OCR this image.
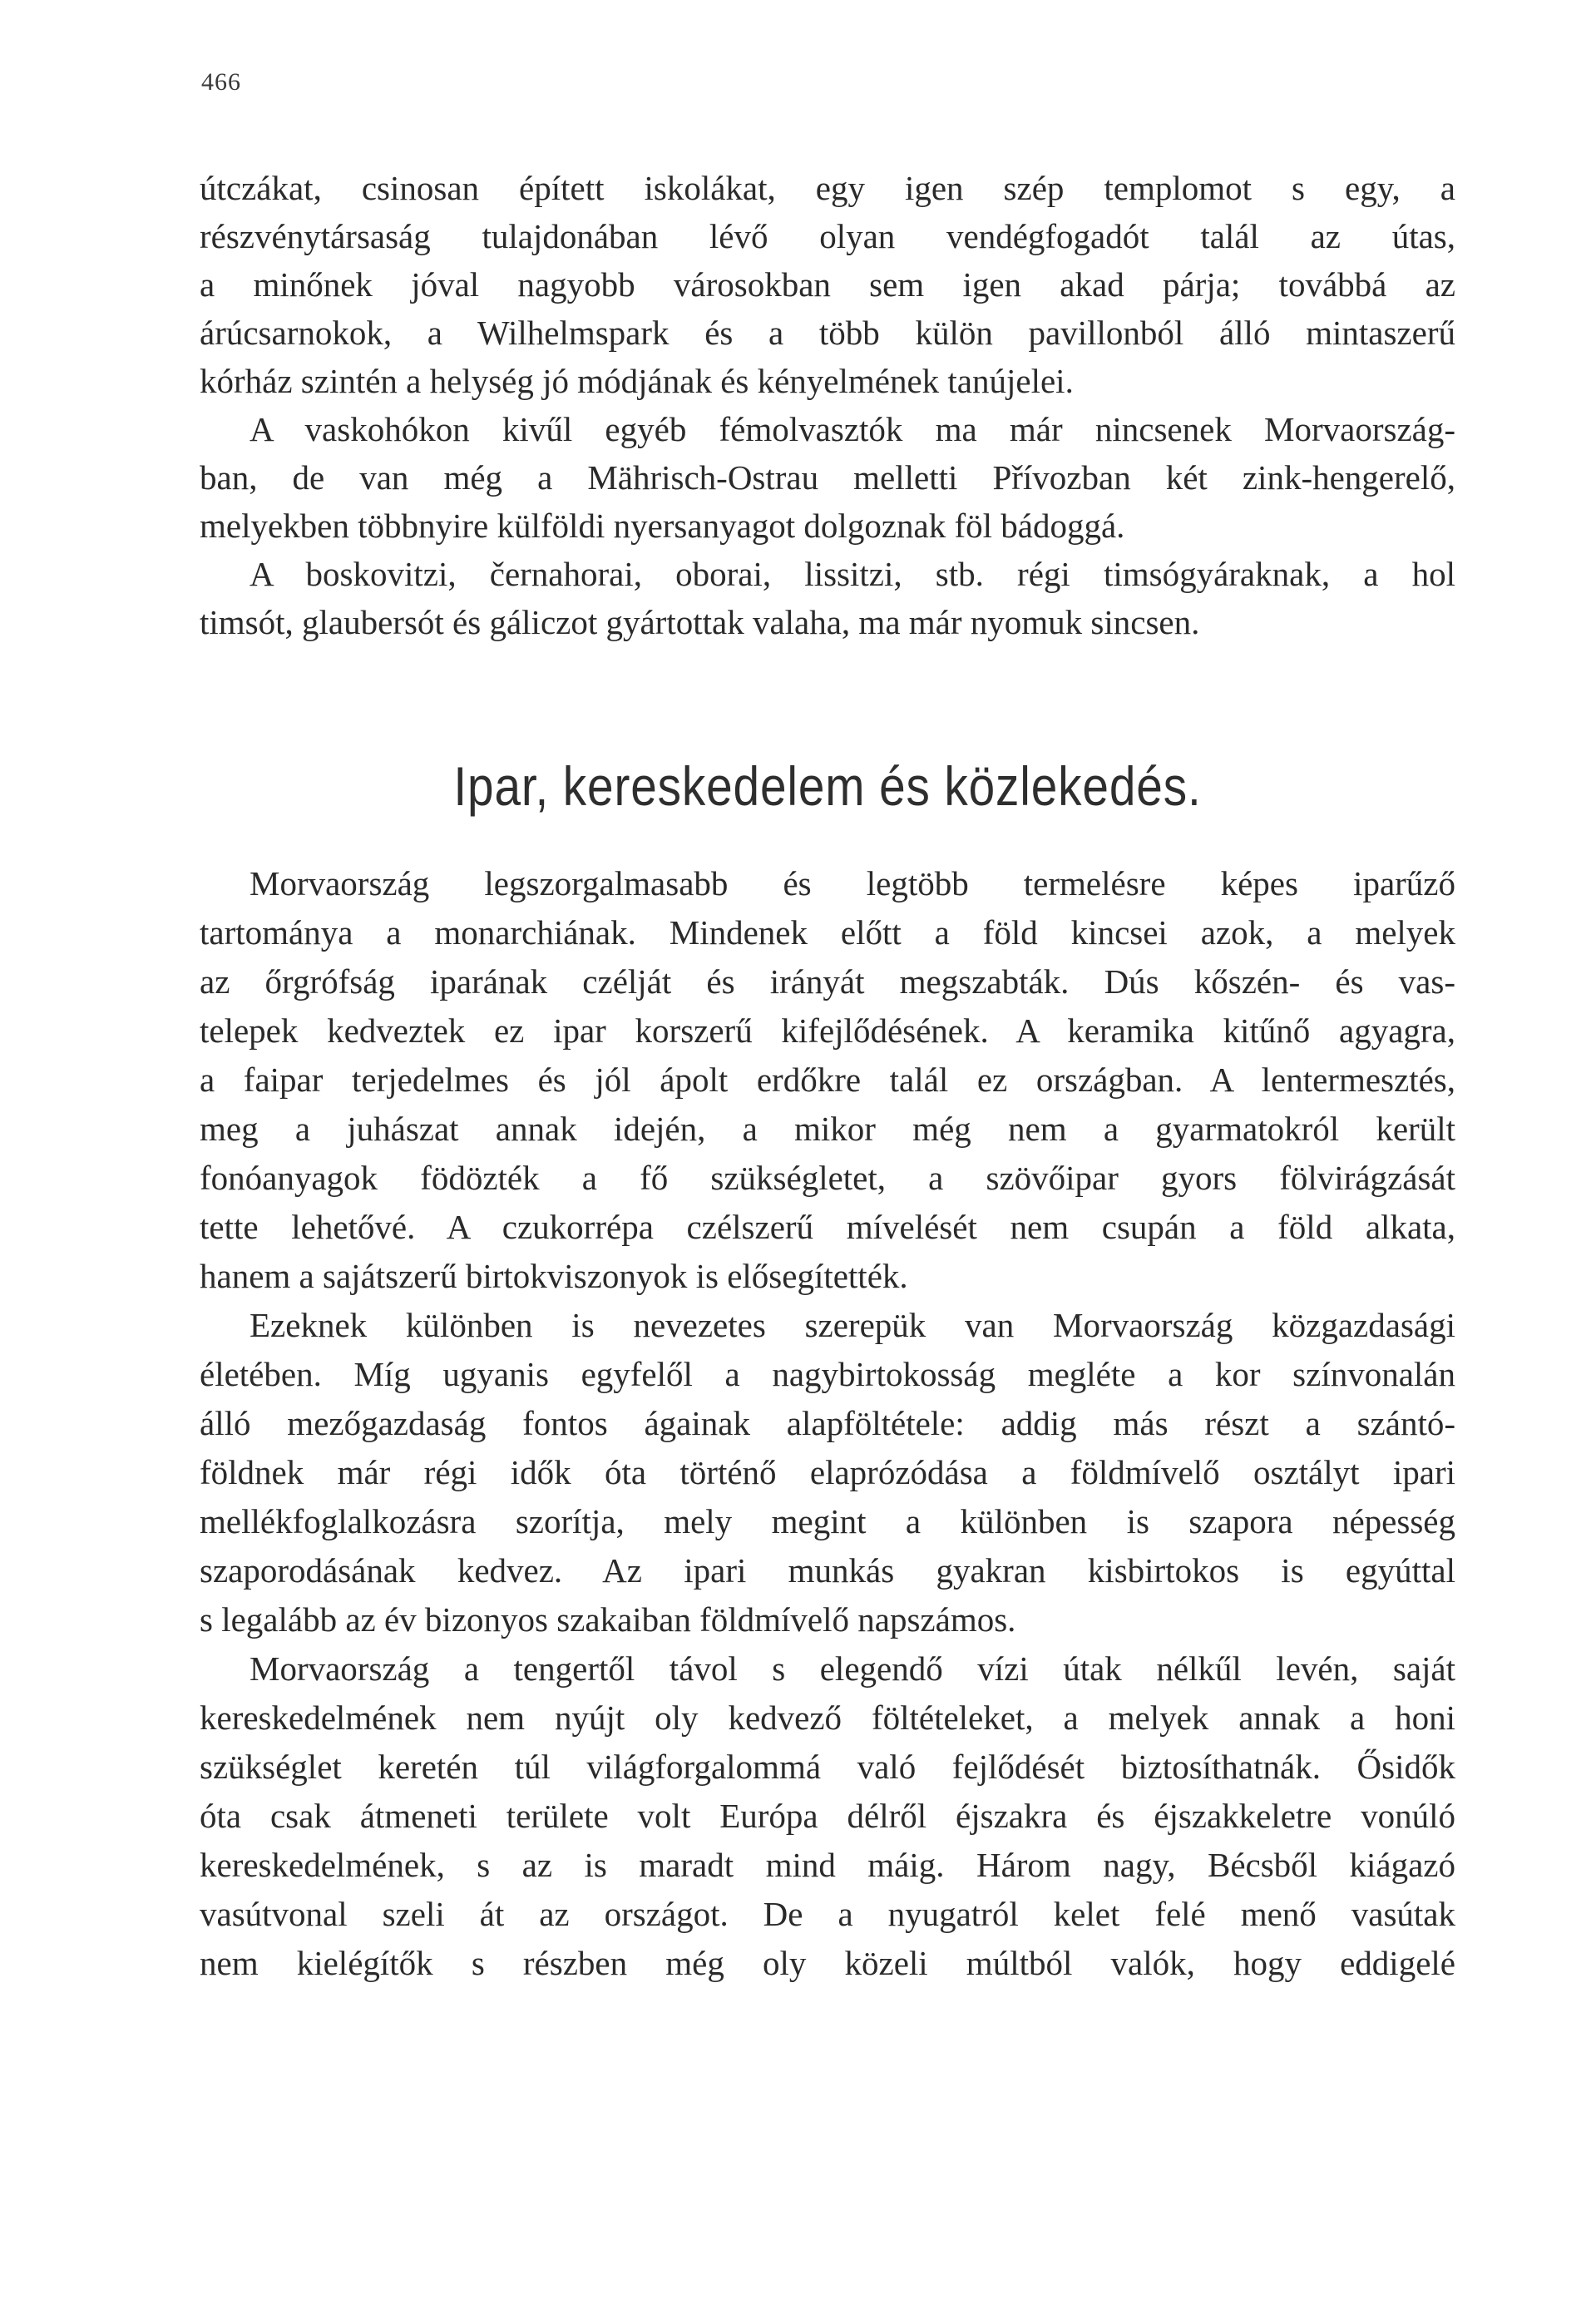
466
útczákat, csinosan épített iskolákat, egy igen szép templomot s egy, a
részvénytársaság tulajdonában lévő olyan vendégfogadót talál az útas,
a minőnek jóval nagyobb városokban sem igen akad párja; továbbá az
árúcsarnokok, a Wilhelmspark és a több külön pavillonból álló mintaszerű
kórház szintén a helység jó módjának és kényelmének tanújelei.
A vaskohókon kivűl egyéb fémolvasztók ma már nincsenek Morvaország-
ban, de van még a Mährisch-Ostrau melletti Přívozban két zink-hengerelő,
melyekben többnyire külföldi nyersanyagot dolgoznak föl bádoggá.
A boskovitzi, černahorai, oborai, lissitzi, stb. régi timsógyáraknak, a hol
timsót, glaubersót és gáliczot gyártottak valaha, ma már nyomuk sincsen.
Ipar, kereskedelem és közlekedés.
Morvaország legszorgalmasabb és legtöbb termelésre képes iparűző
tartománya a monarchiának. Mindenek előtt a föld kincsei azok, a melyek
az őrgrófság iparának czélját és irányát megszabták. Dús kőszén- és vas-
telepek kedveztek ez ipar korszerű kifejlődésének. A keramika kitűnő agyagra,
a faipar terjedelmes és jól ápolt erdőkre talál ez országban. A lentermesztés,
meg a juhászat annak idején, a mikor még nem a gyarmatokról került
fonóanyagok födözték a fő szükségletet, a szövőipar gyors fölvirágzását
tette lehetővé. A czukorrépa czélszerű mívelését nem csupán a föld alkata,
hanem a sajátszerű birtokviszonyok is elősegítették.
Ezeknek különben is nevezetes szerepük van Morvaország közgazdasági
életében. Míg ugyanis egyfelől a nagybirtokosság megléte a kor színvonalán
álló mezőgazdaság fontos ágainak alapföltétele: addig más részt a szántó-
földnek már régi idők óta történő elaprózódása a földmívelő osztályt ipari
mellékfoglalkozásra szorítja, mely megint a különben is szapora népesség
szaporodásának kedvez. Az ipari munkás gyakran kisbirtokos is egyúttal
s legalább az év bizonyos szakaiban földmívelő napszámos.
Morvaország a tengertől távol s elegendő vízi útak nélkűl levén, saját
kereskedelmének nem nyújt oly kedvező föltételeket, a melyek annak a honi
szükséglet keretén túl világforgalommá való fejlődését biztosíthatnák. Ősidők
óta csak átmeneti területe volt Európa délről éjszakra és éjszakkeletre vonúló
kereskedelmének, s az is maradt mind máig. Három nagy, Bécsből kiágazó
vasútvonal szeli át az országot. De a nyugatról kelet felé menő vasútak
nem kielégítők s részben még oly közeli múltból valók, hogy eddigelé
